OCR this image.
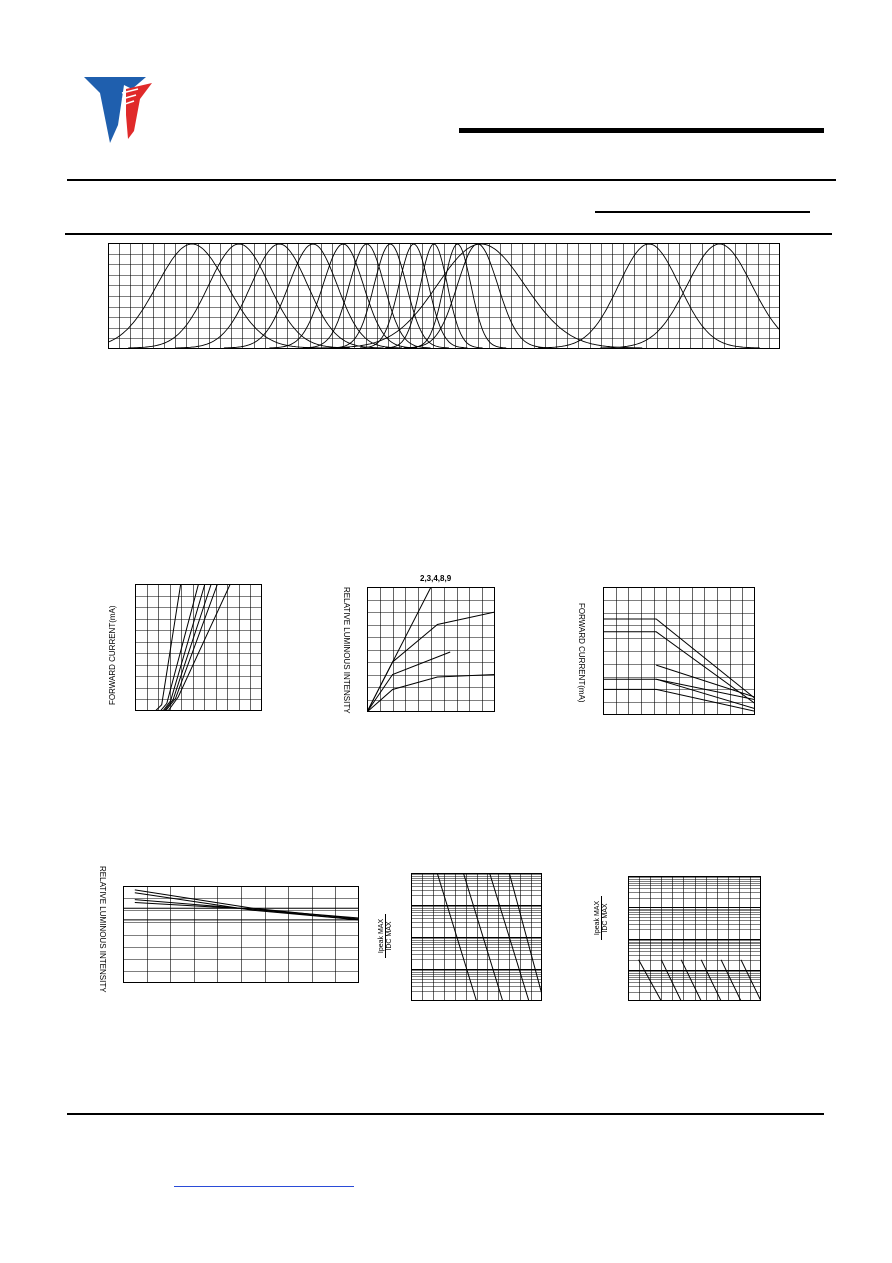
FORWARD CURRENT(mA)
2,3,4,8,9
RELATIVE LUMINOUS INTENSITY	FORWARD CURRENT(mA)
RELATIVE LUMINOUS INTENSITY	Ipeak MAX IDC MAX
Ipeak MAX IDC MAX
